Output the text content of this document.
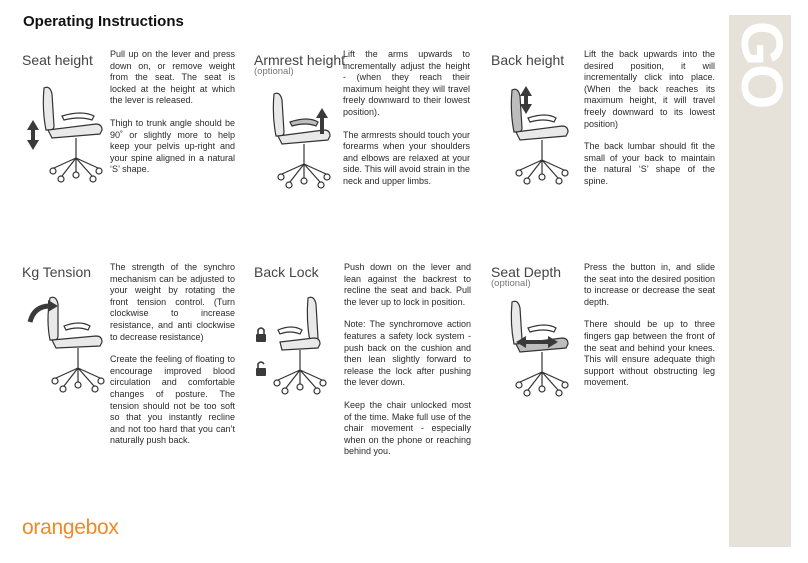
Operating Instructions	GO
Seat height Pull up on the lever and press down on, or remove weight from the seat. The seat is locked at the height at which the lever is released.

Thigh to trunk angle should be 90˚ or slightly more to help keep your pelvis up-right and your spine aligned in a natural ‘S’ shape.

Armrest height
(optional)

Lift the arms upwards to incrementally adjust the height - (when they reach their maximum height they will travel freely downward to their lowest position).

The armrests should touch your forearms when your shoulders and elbows are relaxed at your side. This will avoid strain in the neck and upper limbs.

Back height Lift the back upwards into the desired position, it will incrementally click into place. (When the back reaches its maximum height, it will travel freely downward to its lowest position)

The back lumbar should fit the small of your back to maintain the natural ‘S’ shape of the spine.

Kg Tension The strength of the synchro mechanism can be adjusted to your weight by rotating the front tension control. (Turn clockwise to increase resistance, and anti clockwise to decrease resistance)

Create the feeling of floating to encourage improved blood circulation and comfortable changes of posture. The tension should not be too soft so that you instantly recline and not too hard that you can’t naturally push back.

Back Lock	Push down on the lever and lean against the backrest to recline the seat and back. Pull the lever up to lock in position.

Note: The synchromove action features a safety lock system - push back on the cushion and then lean slightly forward to release the lock after pushing the lever down.

Keep the chair unlocked most of the time. Make full use of the chair movement - especially when on the phone or reaching behind you.

Seat Depth
(optional)

Press the button in, and slide the seat into the desired position to increase or decrease the seat depth.

There should be up to three fingers gap between the front of the seat and behind your knees. This will ensure adequate thigh support without obstructing leg movement.

orangebox
